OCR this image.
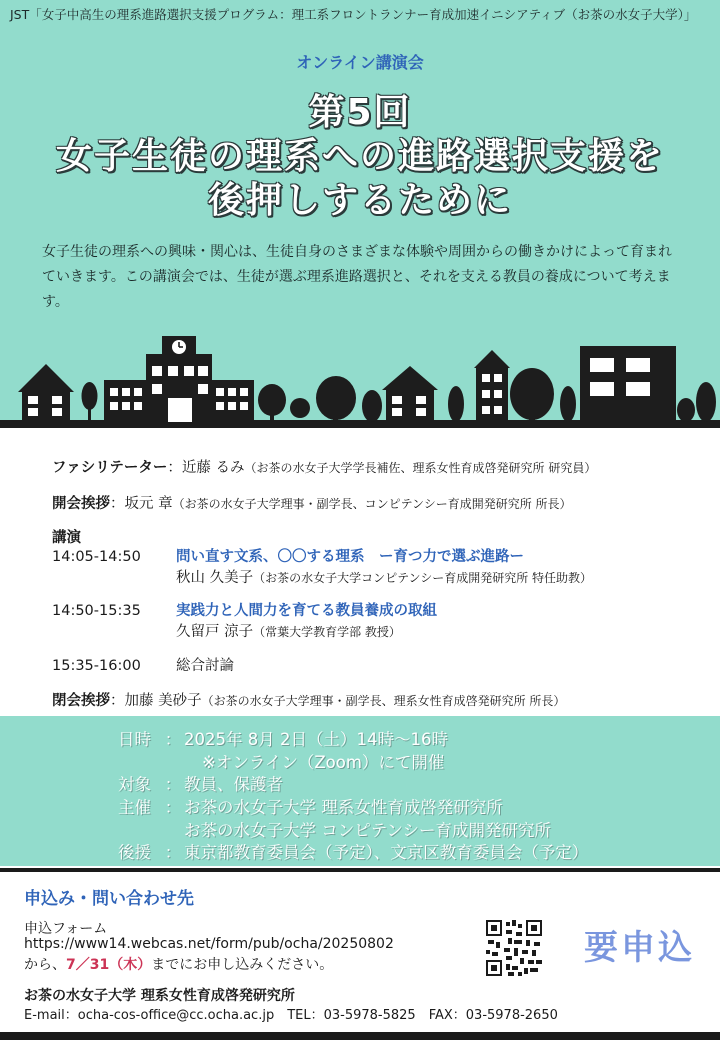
JST「女子中高生の理系進路選択支援プログラム：理工系フロントランナー育成加速イニシアティブ（お茶の水女子大学）」
オンライン講演会
第5回
女子生徒の理系への進路選択支援を
後押しするために
女子生徒の理系への興味・関心は、生徒自身のさまざまな体験や周囲からの働きかけによって育まれていきます。この講演会では、生徒が選ぶ理系進路選択と、それを支える教員の養成について考えます。
ファシリテーター：近藤 るみ（お茶の水女子大学学長補佐、理系女性育成啓発研究所 研究員）
開会挨拶：坂元 章（お茶の水女子大学理事・副学長、コンピテンシー育成開発研究所 所長）
講演
14:05-14:50 問い直す文系、〇〇する理系　ー育つ力で選ぶ進路ー
秋山 久美子（お茶の水女子大学コンピテンシー育成開発研究所 特任助教）
14:50-15:35 実践力と人間力を育てる教員養成の取組
久留戸 涼子（常葉大学教育学部 教授）
15:35-16:00 総合討論
閉会挨拶：加藤 美砂子（お茶の水女子大学理事・副学長、理系女性育成啓発研究所 所長）
日時 ： 2025年 8月 2日（土）14時〜16時
※オンライン（Zoom）にて開催
対象 ： 教員、保護者
主催 ： お茶の水女子大学 理系女性育成啓発研究所
お茶の水女子大学 コンピテンシー育成開発研究所
後援 ： 東京都教育委員会（予定）、文京区教育委員会（予定）
申込み・問い合わせ先
申込フォーム
https://www14.webcas.net/form/pub/ocha/20250802
から、7／31（木）までにお申し込みください。
お茶の水女子大学 理系女性育成啓発研究所
E-mail：ocha-cos-office@cc.ocha.ac.jp　TEL：03-5978-5825　FAX：03-5978-2650
要申込
